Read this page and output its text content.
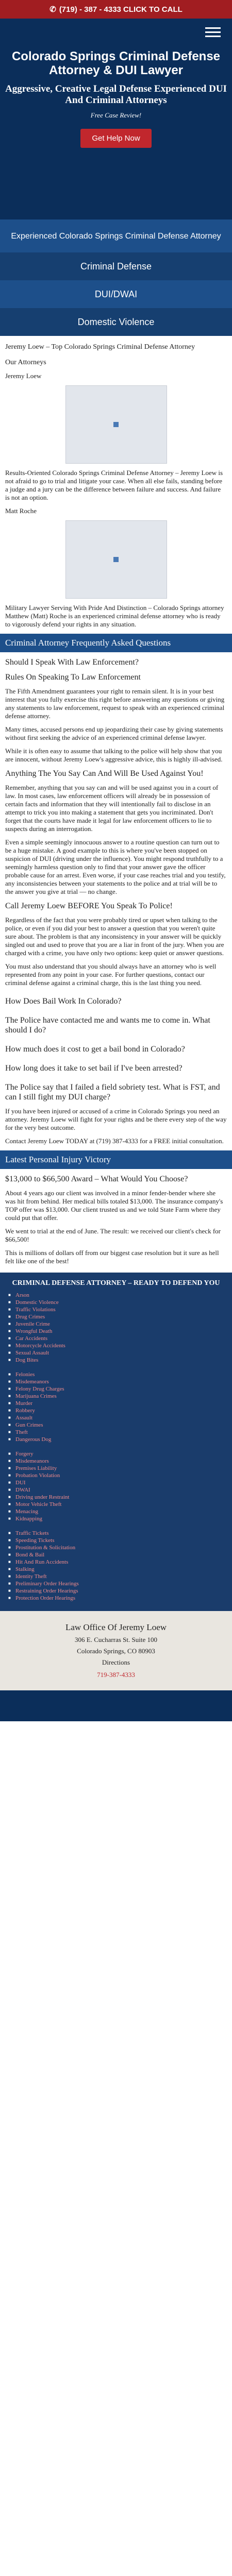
✆ (719) - 387 - 4333 CLICK TO CALL
Colorado Springs Criminal Defense Attorney & DUI Lawyer
Aggressive, Creative Legal Defense Experienced DUI And Criminal Attorneys
Free Case Review!
Get Help Now
Experienced Colorado Springs Criminal Defense Attorney
Criminal Defense
DUI/DWAI
Domestic Violence
Jeremy Loew – Top Colorado Springs Criminal Defense Attorney
Our Attorneys

Jeremy Loew

Results-Oriented Colorado Springs Criminal Defense Attorney – Jeremy Loew is not afraid to go to trial and litigate your case. When all else fails, standing before a judge and a jury can be the difference between failure and success. And failure is not an option.

Matt Roche

Military Lawyer Serving With Pride And Distinction – Colorado Springs attorney Matthew (Matt) Roche is an experienced criminal defense attorney who is ready to vigorously defend your rights in any situation.

Criminal Attorney Frequently Asked Questions
Should I Speak With Law Enforcement?
Rules On Speaking To Law Enforcement

The Fifth Amendment guarantees your right to remain silent. It is in your best interest that you fully exercise this right before answering any questions or giving any statements to law enforcement, request to speak with an experienced criminal defense attorney.

Many times, accused persons end up jeopardizing their case by giving statements without first seeking the advice of an experienced criminal defense lawyer.

While it is often easy to assume that talking to the police will help show that you are innocent, without Jeremy Loew's aggressive advice, this is highly ill-advised.

Anything The You Say Can And Will Be Used Against You!

Remember, anything that you say can and will be used against you in a court of law. In most cases, law enforcement officers will already be in possession of certain facts and information that they will intentionally fail to disclose in an attempt to trick you into making a statement that gets you incriminated. Don't forget that the courts have made it legal for law enforcement officers to lie to suspects during an interrogation.

Even a simple seemingly innocuous answer to a routine question can turn out to be a huge mistake. A good example to this is where you've been stopped on suspicion of DUI (driving under the influence). You might respond truthfully to a seemingly harmless question only to find that your answer gave the officer probable cause for an arrest. Even worse, if your case reaches trial and you testify, any inconsistencies between your statements to the police and at trial will be to the answer you give at trial — no change.

Call Jeremy Loew BEFORE You Speak To Police!

Regardless of the fact that you were probably tired or upset when talking to the police, or even if you did your best to answer a question that you weren't quite sure about. The problem is that any inconsistency in your answer will be quickly singled out and used to prove that you are a liar in front of the jury. When you are charged with a crime, you have only two options: keep quiet or answer questions.

You must also understand that you should always have an attorney who is well represented from any point in your case. For further questions, contact our criminal defense against a criminal charge, this is the last thing you need.

How Does Bail Work In Colorado?
The Police have contacted me and wants me to come in. What should I do?
How much does it cost to get a bail bond in Colorado?
How long does it take to set bail if I've been arrested?
The Police say that I failed a field sobriety test. What is FST, and can I still fight my DUI charge?

If you have been injured or accused of a crime in Colorado Springs you need an attorney. Jeremy Loew will fight for your rights and be there every step of the way for the very best outcome.

Contact Jeremy Loew TODAY at (719) 387-4333 for a FREE initial consultation.

Latest Personal Injury Victory
$13,000 to $66,500 Award – What Would You Choose?

About 4 years ago our client was involved in a minor fender-bender where she was hit from behind. Her medical bills totaled $13,000. The insurance company's TOP offer was $13,000. Our client trusted us and we told State Farm where they could put that offer.

We went to trial at the end of June. The result: we received our client's check for $66,500!

This is millions of dollars off from our biggest case resolution but it sure as hell felt like one of the best!

CRIMINAL DEFENSE ATTORNEY – READY TO DEFEND YOU
■ Arson
■ Domestic Violence
■ Traffic Violations
■ Drug Crimes
■ Juvenile Crime
■ Wrongful Death
■ Car Accidents
■ Motorcycle Accidents
■ Sexual Assault
■ Dog Bites
■ Felonies
■ Misdemeanors
■ Felony Drug Charges
■ Marijuana Crimes
■ Murder
■ Robbery
■ Assault
■ Gun Crimes
■ Theft
■ Dangerous Dog
■ Forgery
■ Misdemeanors
■ Premises Liability
■ Probation Violation
■ DUI
■ DWAI
■ Driving under Restraint
■ Motor Vehicle Theft
■ Menacing
■ Kidnapping
■ Traffic Tickets
■ Speeding Tickets
■ Prostitution & Solicitation
■ Bond & Bail
■ Hit And Run Accidents
■ Stalking
■ Identity Theft
■ Preliminary Order Hearings
■ Restraining Order Hearings
■ Protection Order Hearings
Law Office Of Jeremy Loew
306 E. Cucharras St. Suite 100
Colorado Springs, CO 80903
Directions
719-387-4333
